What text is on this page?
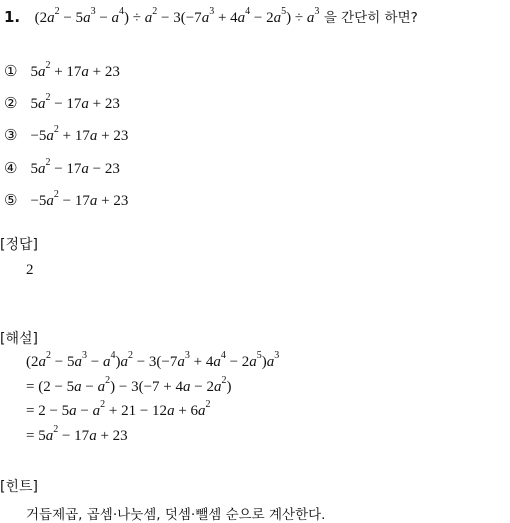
1. $(2a^2 - 5a^3 - a^4) \div a^2 - 3(-7a^3 + 4a^4 - 2a^5) \div a^3$ 을 간단히 하면?
① $5a^2 + 17a + 23$
② $5a^2 - 17a + 23$
③ $-5a^2 + 17a + 23$
④ $5a^2 - 17a - 23$
⑤ $-5a^2 - 17a + 23$
[정답]
2
[해설]
$(2a^2 - 5a^3 - a^4)a^2 - 3(-7a^3 + 4a^4 - 2a^5)a^3$
= $(2 - 5a - a^2) - 3(-7 + 4a - 2a^2)$
= $2 - 5a - a^2 + 21 - 12a + 6a^2$
= $5a^2 - 17a + 23$
[힌트]
거듭제곱, 곱셈·나눗셈, 덧셈·뺄셈 순으로 계산한다.
